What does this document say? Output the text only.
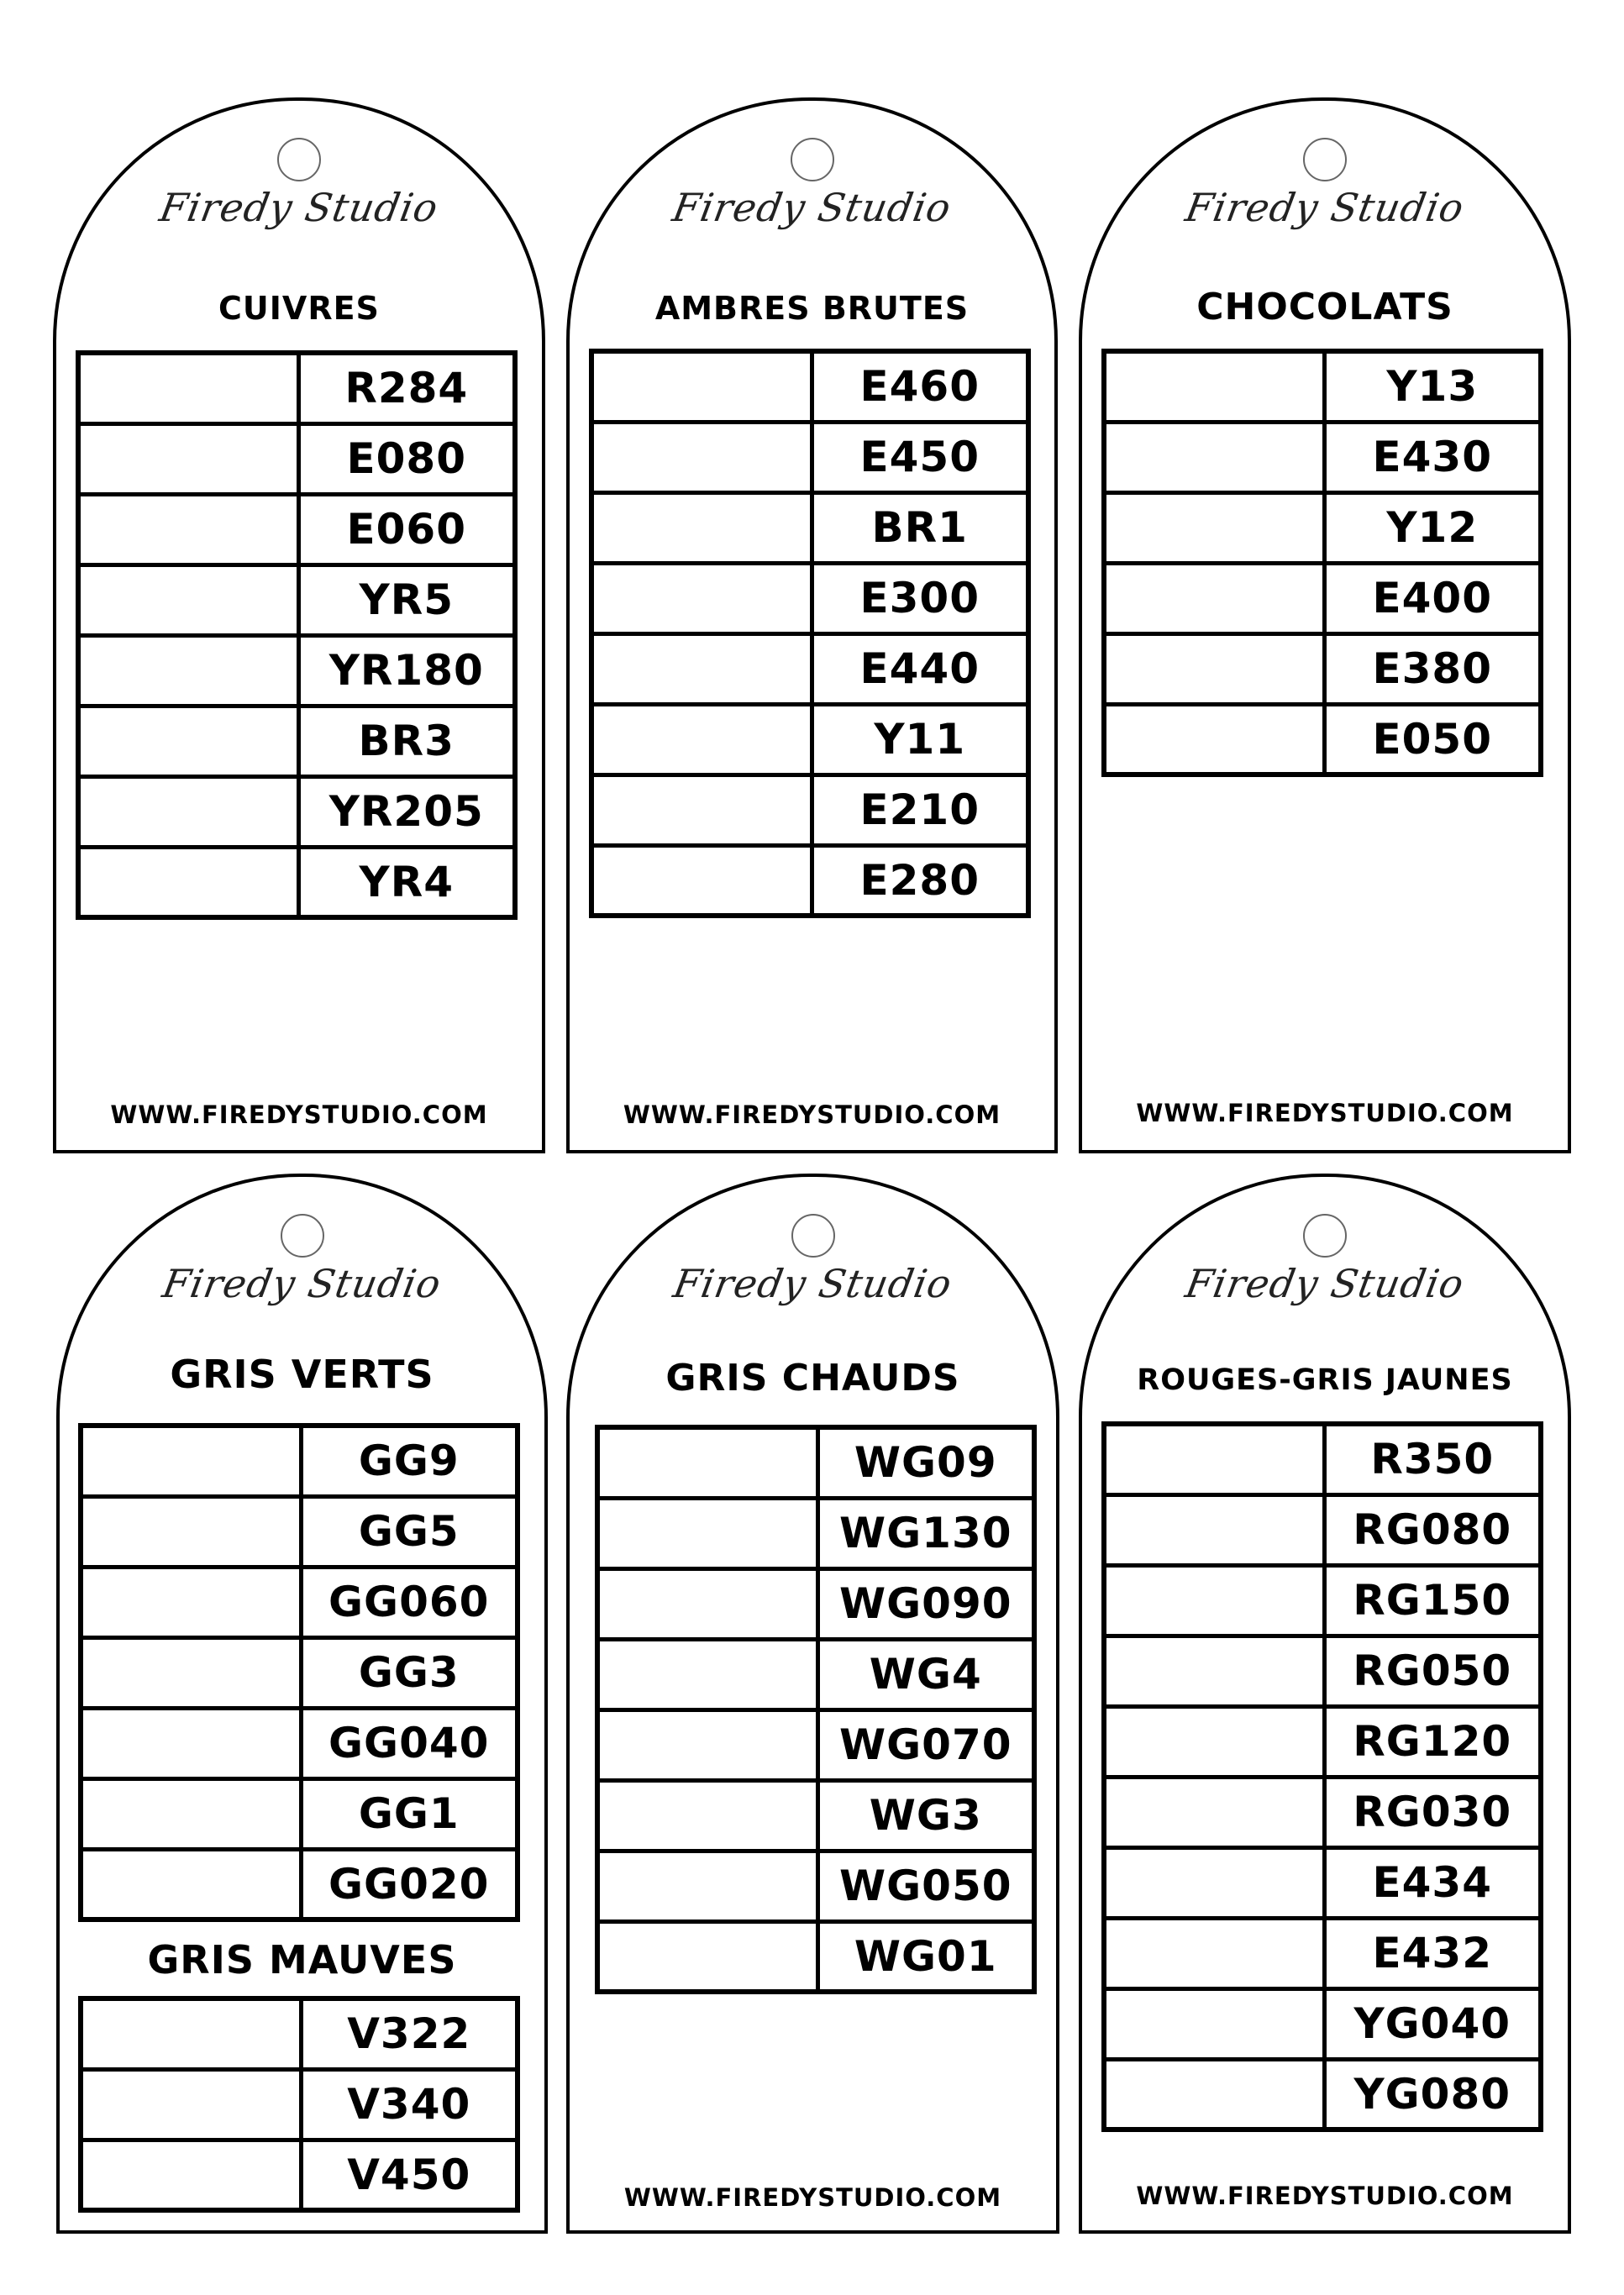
Firedy Studio
CUIVRES
	R284
	E080
	E060
	YR5
	YR180
	BR3
	YR205
	YR4
WWW.FIREDYSTUDIO.COM
Firedy Studio
AMBRES BRUTES
	E460
	E450
	BR1
	E300
	E440
	Y11
	E210
	E280
WWW.FIREDYSTUDIO.COM
Firedy Studio
CHOCOLATS
	Y13
	E430
	Y12
	E400
	E380
	E050
WWW.FIREDYSTUDIO.COM
Firedy Studio
GRIS VERTS
	GG9
	GG5
	GG060
	GG3
	GG040
	GG1
	GG020
GRIS MAUVES
	V322
	V340
	V450
Firedy Studio
GRIS CHAUDS
	WG09
	WG130
	WG090
	WG4
	WG070
	WG3
	WG050
	WG01
WWW.FIREDYSTUDIO.COM
Firedy Studio
ROUGES-GRIS JAUNES
	R350
	RG080
	RG150
	RG050
	RG120
	RG030
	E434
	E432
	YG040
	YG080
WWW.FIREDYSTUDIO.COM
